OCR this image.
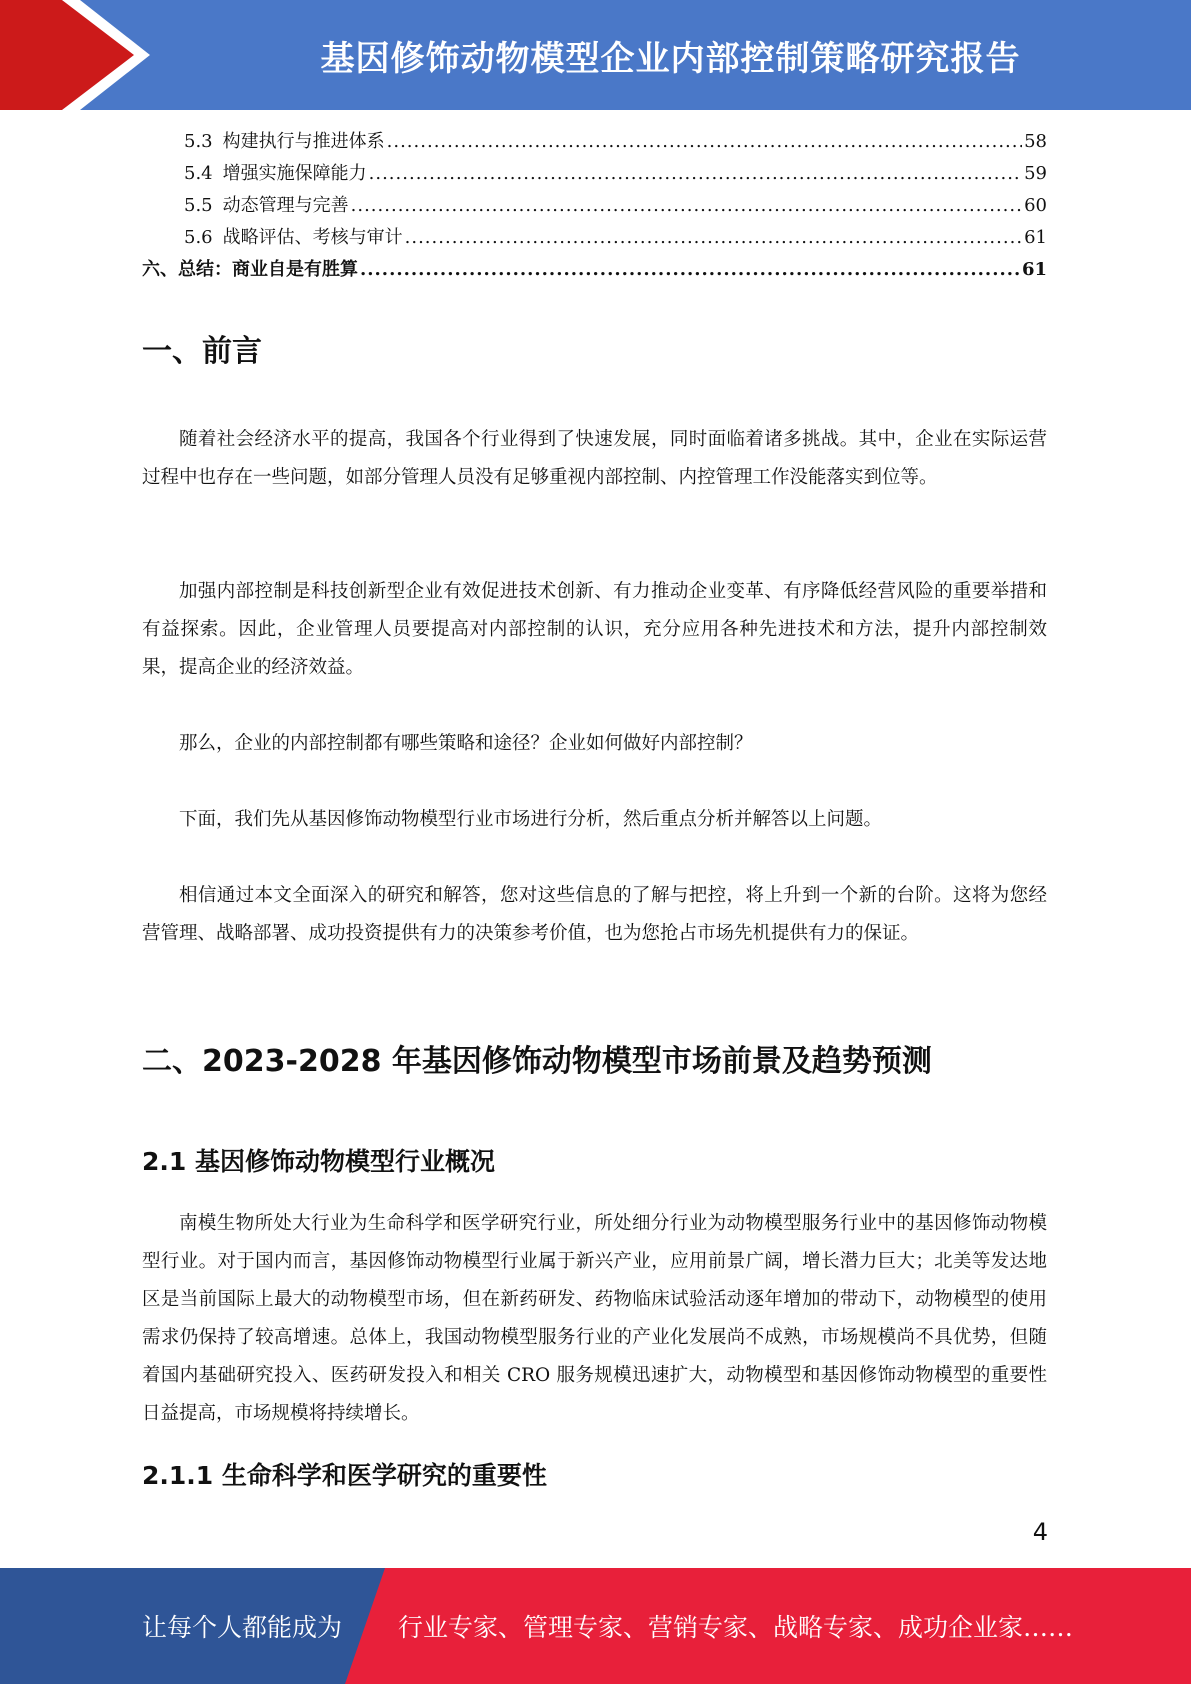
基因修饰动物模型企业内部控制策略研究报告
5.3 构建执行与推进体系 .....	58
5.4 增强实施保障能力 .....	59
5.5 动态管理与完善 .....	60
5.6 战略评估、考核与审计 .....	61
六、总结：商业自是有胜算 .....	61
一、前言

随着社会经济水平的提高，我国各个行业得到了快速发展，同时面临着诸多挑战。其中，企业在实际运营过程中也存在一些问题，如部分管理人员没有足够重视内部控制、内控管理工作没能落实到位等。

加强内部控制是科技创新型企业有效促进技术创新、有力推动企业变革、有序降低经营风险的重要举措和有益探索。因此，企业管理人员要提高对内部控制的认识，充分应用各种先进技术和方法，提升内部控制效果，提高企业的经济效益。

那么，企业的内部控制都有哪些策略和途径？企业如何做好内部控制？

下面，我们先从基因修饰动物模型行业市场进行分析，然后重点分析并解答以上问题。

相信通过本文全面深入的研究和解答，您对这些信息的了解与把控，将上升到一个新的台阶。这将为您经营管理、战略部署、成功投资提供有力的决策参考价值，也为您抢占市场先机提供有力的保证。

二、2023-2028 年基因修饰动物模型市场前景及趋势预测
2.1 基因修饰动物模型行业概况

南模生物所处大行业为生命科学和医学研究行业，所处细分行业为动物模型服务行业中的基因修饰动物模型行业。对于国内而言，基因修饰动物模型行业属于新兴产业，应用前景广阔，增长潜力巨大；北美等发达地区是当前国际上最大的动物模型市场，但在新药研发、药物临床试验活动逐年增加的带动下，动物模型的使用需求仍保持了较高增速。总体上，我国动物模型服务行业的产业化发展尚不成熟，市场规模尚不具优势，但随着国内基础研究投入、医药研发投入和相关 CRO 服务规模迅速扩大，动物模型和基因修饰动物模型的重要性日益提高，市场规模将持续增长。

2.1.1 生命科学和医学研究的重要性
4
让每个人都能成为 行业专家、管理专家、营销专家、战略专家、成功企业家……
